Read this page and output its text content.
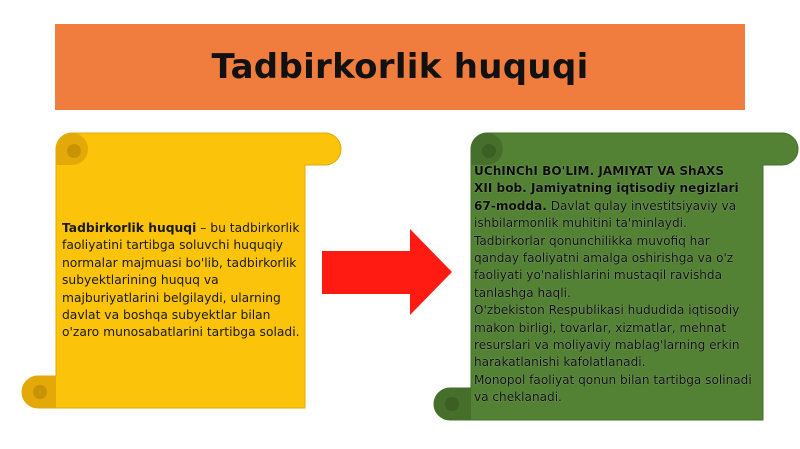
Tadbirkorlik huquqi
Tadbirkorlik huquqi – bu tadbirkorlik faoliyatini tartibga soluvchi huquqiy normalar majmuasi bo'lib, tadbirkorlik subyektlarining huquq va majburiyatlarini belgilaydi, ularning davlat va boshqa subyektlar bilan o'zaro munosabatlarini tartibga soladi.
UChINChI BO'LIM. JAMIYAT VA ShAXS
XII bob. Jamiyatning iqtisodiy negizlari
67-modda. Davlat qulay investitsiyaviy va
ishbilarmonlik muhitini ta'minlaydi.
Tadbirkorlar qonunchilikka muvofiq har
qanday faoliyatni amalga oshirishga va o'z
faoliyati yo'nalishlarini mustaqil ravishda
tanlashga haqli.
O'zbekiston Respublikasi hududida iqtisodiy
makon birligi, tovarlar, xizmatlar, mehnat
resurslari va moliyaviy mablag'larning erkin
harakatlanishi kafolatlanadi.
Monopol faoliyat qonun bilan tartibga solinadi
va cheklanadi.
